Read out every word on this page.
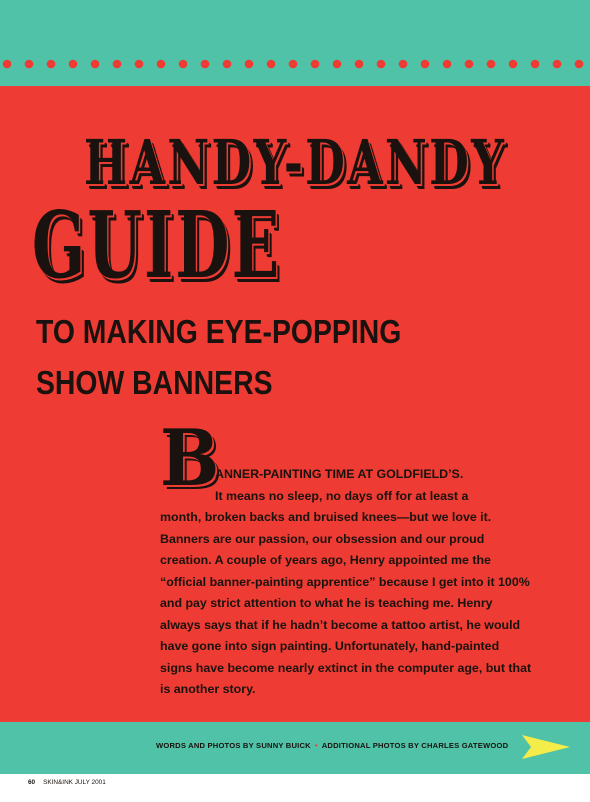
HANDY-DANDY
GUIDE
TO MAKING EYE-POPPING
SHOW BANNERS
B
ANNER-PAINTING TIME AT GOLDFIELD’S.
It means no sleep, no days off for at least a
month, broken backs and bruised knees—but we love it. Banners are our passion, our obsession and our proud creation. A couple of years ago, Henry appointed me the “official banner-painting apprentice” because I get into it 100% and pay strict attention to what he is teaching me. Henry always says that if he hadn’t become a tattoo artist, he would have gone into sign painting. Unfortunately, hand-painted signs have become nearly extinct in the computer age, but that is another story.
WORDS AND PHOTOS BY SUNNY BUICK • ADDITIONAL PHOTOS BY CHARLES GATEWOOD
60 SKIN&INK JULY 2001
